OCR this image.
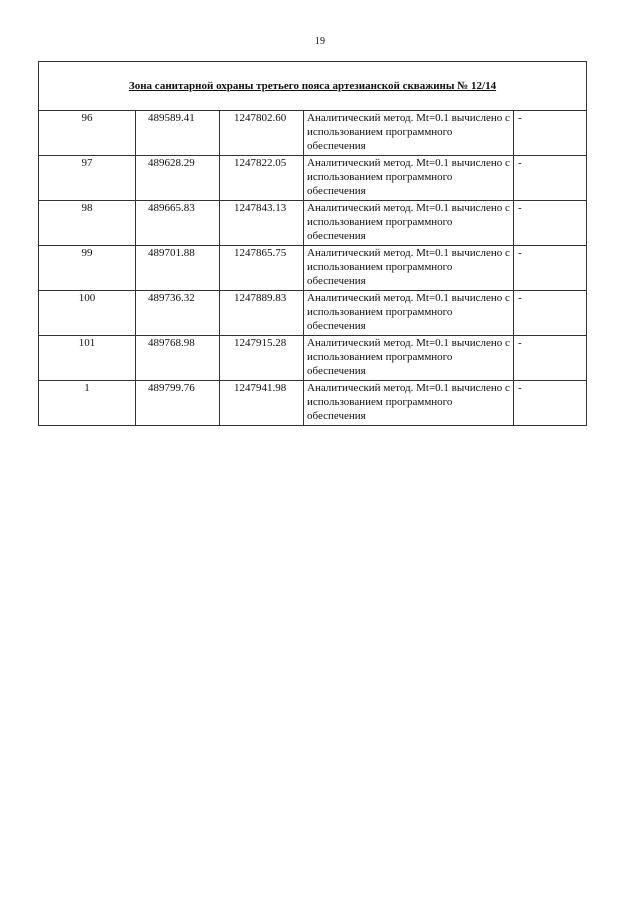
19
Зона санитарной охраны третьего пояса артезианской скважины № 12/14				
96	489589.41	1247802.60	Аналитический метод. Mt=0.1 вычислено с использованием программного обеспечения	-
97	489628.29	1247822.05	Аналитический метод. Mt=0.1 вычислено с использованием программного обеспечения	-
98	489665.83	1247843.13	Аналитический метод. Mt=0.1 вычислено с использованием программного обеспечения	-
99	489701.88	1247865.75	Аналитический метод. Mt=0.1 вычислено с использованием программного обеспечения	-
100	489736.32	1247889.83	Аналитический метод. Mt=0.1 вычислено с использованием программного обеспечения	-
101	489768.98	1247915.28	Аналитический метод. Mt=0.1 вычислено с использованием программного обеспечения	-
1	489799.76	1247941.98	Аналитический метод. Mt=0.1 вычислено с использованием программного обеспечения	-
